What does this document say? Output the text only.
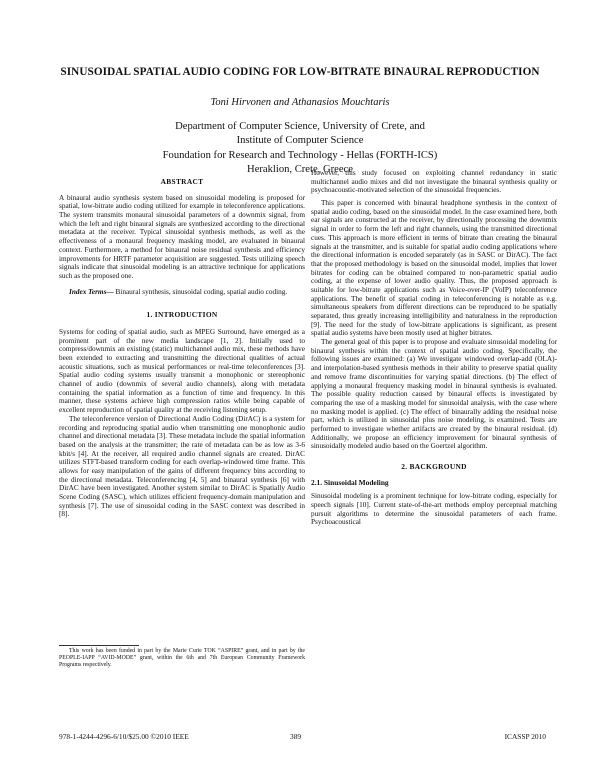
SINUSOIDAL SPATIAL AUDIO CODING FOR LOW-BITRATE BINAURAL REPRODUCTION
Toni Hirvonen and Athanasios Mouchtaris
Department of Computer Science, University of Crete, and
Institute of Computer Science
Foundation for Research and Technology - Hellas (FORTH-ICS)
Heraklion, Crete, Greece
ABSTRACT

A binaural audio synthesis system based on sinusoidal modeling is proposed for spatial, low-bitrate audio coding utilized for example in teleconference applications. The system transmits monaural sinusoidal parameters of a downmix signal, from which the left and right binaural signals are synthesized according to the directional metadata at the receiver. Typical sinusoidal synthesis methods, as well as the effectiveness of a monaural frequency masking model, are evaluated in binaural context. Furthermore, a method for binaural noise residual synthesis and efficiency improvements for HRTF parameter acquisition are suggested. Tests utilizing speech signals indicate that sinusoidal modeling is an attractive technique for applications such as the proposed one.

Index Terms— Binaural synthesis, sinusoidal coding, spatial audio coding.

1. INTRODUCTION

Systems for coding of spatial audio, such as MPEG Surround, have emerged as a prominent part of the new media landscape [1, 2]. Initially used to compress/downmix an existing (static) multichannel audio mix, these methods have been extended to extracting and transmitting the directional qualities of actual acoustic situations, such as musical performances or real-time teleconferences [3]. Spatial audio coding systems usually transmit a monophonic or stereophonic channel of audio (downmix of several audio channels), along with metadata containing the spatial information as a function of time and frequency. In this manner, these systems achieve high compression ratios while being capable of excellent reproduction of spatial quality at the receiving listening setup.

The teleconference version of Directional Audio Coding (DirAC) is a system for recording and reproducing spatial audio when transmitting one monophonic audio channel and directional metadata [3]. These metadata include the spatial information based on the analysis at the transmitter; the rate of metadata can be as low as 3-6 kbit/s [4]. At the receiver, all required audio channel signals are created. DirAC utilizes STFT-based transform coding for each overlap-windowed time frame. This allows for easy manipulation of the gains of different frequency bins according to the directional metadata. Teleconferencing [4, 5] and binaural synthesis [6] with DirAC have been investigated. Another system similar to DirAC is Spatially Audio Scene Coding (SASC), which utilizes efficient frequency-domain manipulation and synthesis [7]. The use of sinusoidal coding in the SASC context was described in [8].

This work has been funded in part by the Marie Curie TOK “ASPIRE” grant, and in part by the PEOPLE-IAPP “AVID-MODE” grant, within the 6th and 7th European Community Framework Programs respectively.

However, this study focused on exploiting channel redundancy in static multichannel audio mixes and did not investigate the binaural synthesis quality or psychoacoustic-motivated selection of the sinusoidal frequencies.

This paper is concerned with binaural headphone synthesis in the context of spatial audio coding, based on the sinusoidal model. In the case examined here, both ear signals are constructed at the receiver, by directionally processing the downmix signal in order to form the left and right channels, using the transmitted directional cues. This approach is more efficient in terms of bitrate than creating the binaural signals at the transmitter, and is suitable for spatial audio coding applications where the directional information is encoded separately (as in SASC or DirAC). The fact that the proposed methodology is based on the sinusoidal model, implies that lower bitrates for coding can be obtained compared to non-parametric spatial audio coding, at the expense of lower audio quality. Thus, the proposed approach is suitable for low-bitrate applications such as Voice-over-IP (VoIP) teleconference applications. The benefit of spatial coding in teleconferencing is notable as e.g. simultaneous speakers from different directions can be reproduced to be spatially separated, thus greatly increasing intelligibility and naturalness in the reproduction [9]. The need for the study of low-bitrate applications is significant, as present spatial audio systems have been mostly used at higher bitrates.

The general goal of this paper is to propose and evaluate sinusoidal modeling for binaural synthesis within the context of spatial audio coding. Specifically, the following issues are examined: (a) We investigate windowed overlap-add (OLA)- and interpolation-based synthesis methods in their ability to preserve spatial quality and remove frame discontinuities for varying spatial directions. (b) The effect of applying a monaural frequency masking model in binaural synthesis is evaluated. The possible quality reduction caused by binaural effects is investigated by comparing the use of a masking model for sinusoidal analysis, with the case where no masking model is applied. (c) The effect of binaurally adding the residual noise part, which is utilized in sinusoidal plus noise modeling, is examined. Tests are performed to investigate whether artifacts are created by the binaural residual. (d) Additionally, we propose an efficiency improvement for binaural synthesis of sinusoidally modeled audio based on the Goertzel algorithm.

2. BACKGROUND
2.1. Sinusoidal Modeling

Sinusoidal modeling is a prominent technique for low-bitrate coding, especially for speech signals [10]. Current state-of-the-art methods employ perceptual matching pursuit algorithms to determine the sinusoidal parameters of each frame. Psychoacoustical

978-1-4244-4296-6/10/$25.00 ©2010 IEEE	389	ICASSP 2010
